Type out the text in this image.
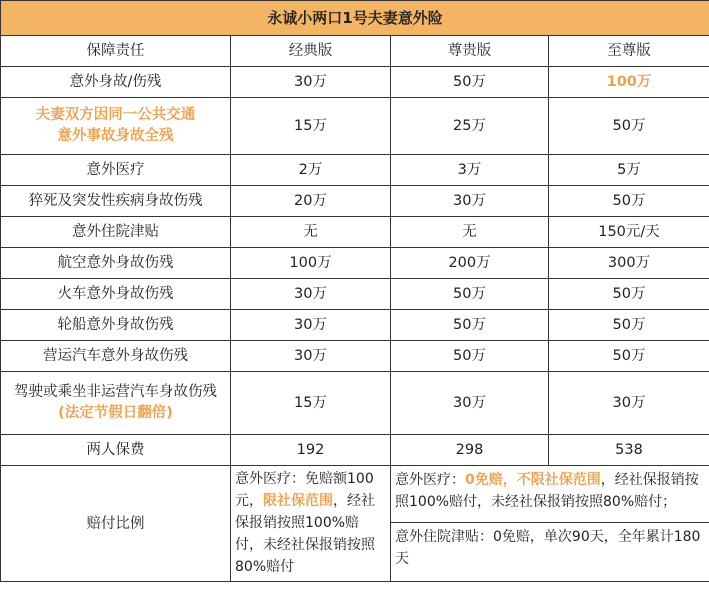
永诚小两口1号夫妻意外险			
保障责任	经典版	尊贵版	至尊版
意外身故/伤残	30万	50万	100万

夫妻双方因同一公共交通
意外事故身故全残	15万	25万	50万
意外医疗	2万	3万	5万
猝死及突发性疾病身故伤残	20万	30万	50万
意外住院津贴	无	无	150元/天
航空意外身故伤残	100万	200万	300万
火车意外身故伤残	30万	50万	50万
轮船意外身故伤残	30万	50万	50万
营运汽车意外身故伤残	30万	50万	50万

驾驶或乘坐非运营汽车身故伤残
(法定节假日翻倍)	15万	30万	30万
两人保费	192	298	538
赔付比例	意外医疗：免赔额100元，限社保范围，经社保报销按照100%赔付，未经社保报销按照80%赔付	意外医疗：0免赔，不限社保范围，经社保报销按照100%赔付，未经社保报销按照80%赔付；	
		意外住院津贴：0免赔，单次90天，全年累计180天	
